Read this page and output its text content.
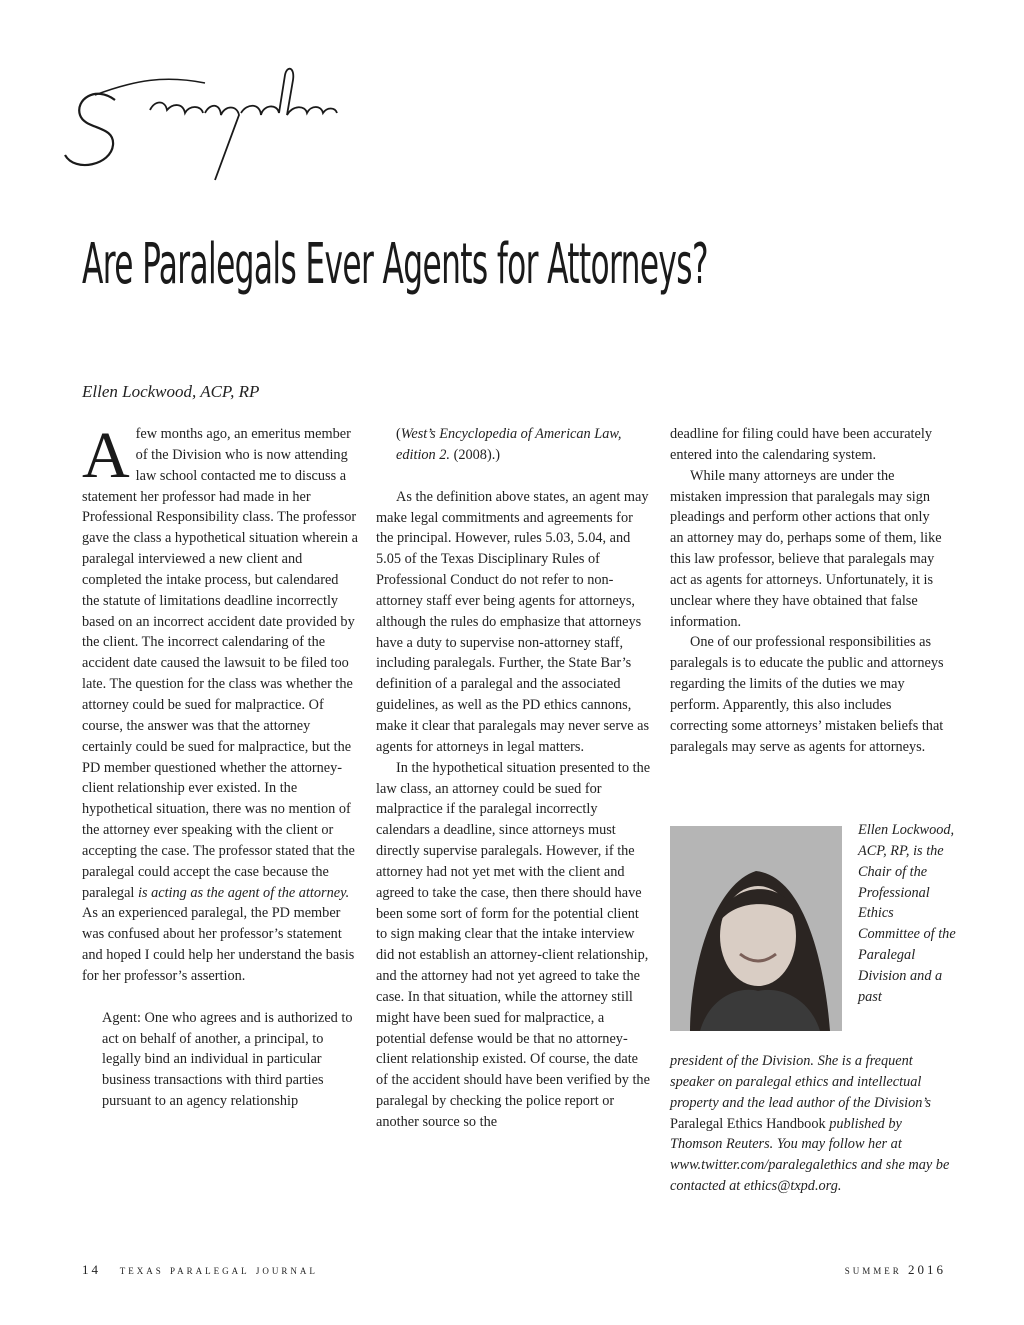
Scruples
Are Paralegals Ever Agents for Attorneys?
Ellen Lockwood, ACP, RP

Afew months ago, an emeritus member of the Division who is now attending law school contacted me to discuss a statement her professor had made in her Professional Responsibility class. The professor gave the class a hypothetical situation wherein a paralegal interviewed a new client and completed the intake process, but calendared the statute of limitations deadline incorrectly based on an incorrect accident date provided by the client. The incorrect calendaring of the accident date caused the lawsuit to be filed too late. The question for the class was whether the attorney could be sued for malpractice. Of course, the answer was that the attorney certainly could be sued for malpractice, but the PD member questioned whether the attorney-client relationship ever existed. In the hypothetical situation, there was no mention of the attorney ever speaking with the client or accepting the case. The professor stated that the paralegal could accept the case because the paralegal is acting as the agent of the attorney. As an experienced paralegal, the PD member was confused about her professor’s statement and hoped I could help her understand the basis for her professor’s assertion.

Agent: One who agrees and is authorized to act on behalf of another, a principal, to legally bind an individual in particular business transactions with third parties pursuant to an agency relationship

(West’s Encyclopedia of American Law, edition 2. (2008).)

As the definition above states, an agent may make legal commitments and agreements for the principal. However, rules 5.03, 5.04, and 5.05 of the Texas Disciplinary Rules of Professional Conduct do not refer to non-attorney staff ever being agents for attorneys, although the rules do emphasize that attorneys have a duty to supervise non-attorney staff, including paralegals. Further, the State Bar’s definition of a paralegal and the associated guidelines, as well as the PD ethics cannons, make it clear that paralegals may never serve as agents for attorneys in legal matters.

In the hypothetical situation presented to the law class, an attorney could be sued for malpractice if the paralegal incorrectly calendars a deadline, since attorneys must directly supervise paralegals. However, if the attorney had not yet met with the client and agreed to take the case, then there should have been some sort of form for the potential client to sign making clear that the intake interview did not establish an attorney-client relationship, and the attorney had not yet agreed to take the case. In that situation, while the attorney still might have been sued for malpractice, a potential defense would be that no attorney-client relationship existed. Of course, the date of the accident should have been verified by the paralegal by checking the police report or another source so the

deadline for filing could have been accurately entered into the calendaring system.

While many attorneys are under the mistaken impression that paralegals may sign pleadings and perform other actions that only an attorney may do, perhaps some of them, like this law professor, believe that paralegals may act as agents for attorneys. Unfortunately, it is unclear where they have obtained that false information.

One of our professional responsibilities as paralegals is to educate the public and attorneys regarding the limits of the duties we may perform. Apparently, this also includes correcting some attorneys’ mistaken beliefs that paralegals may serve as agents for attorneys.

Ellen Lockwood, ACP, RP, is the Chair of the Professional Ethics Committee of the Paralegal Division and a past
president of the Division. She is a frequent speaker on paralegal ethics and intellectual property and the lead author of the Division’s Paralegal Ethics Handbook published by Thomson Reuters. You may follow her at www.twitter.com/paralegalethics and she may be contacted at ethics@txpd.org.
14 texas paralegal journal	summer 2016
